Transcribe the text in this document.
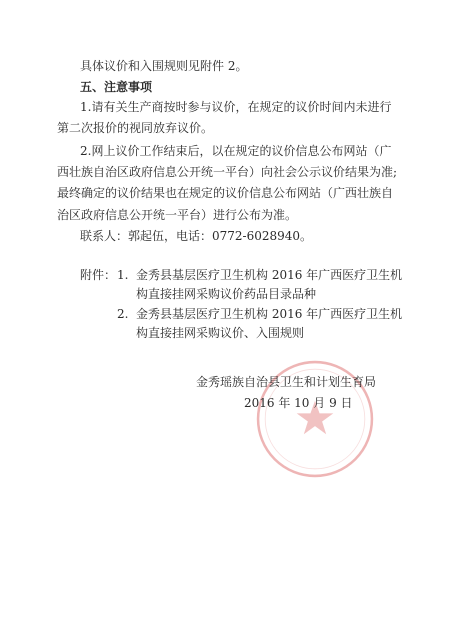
具体议价和入围规则见附件 2。
五、注意事项
1.请有关生产商按时参与议价，在规定的议价时间内未进行
第二次报价的视同放弃议价。
2.网上议价工作结束后，以在规定的议价信息公布网站（广
西壮族自治区政府信息公开统一平台）向社会公示议价结果为准;
最终确定的议价结果也在规定的议价信息公布网站（广西壮族自
治区政府信息公开统一平台）进行公布为准。
联系人：郭起伍，电话：0772-6028940。
附件： 1. 金秀县基层医疗卫生机构 2016 年广西医疗卫生机
构直接挂网采购议价药品目录品种
2. 金秀县基层医疗卫生机构 2016 年广西医疗卫生机
构直接挂网采购议价、入围规则
金秀瑶族自治县卫生和计划生育局
2016 年 10 月 9 日
